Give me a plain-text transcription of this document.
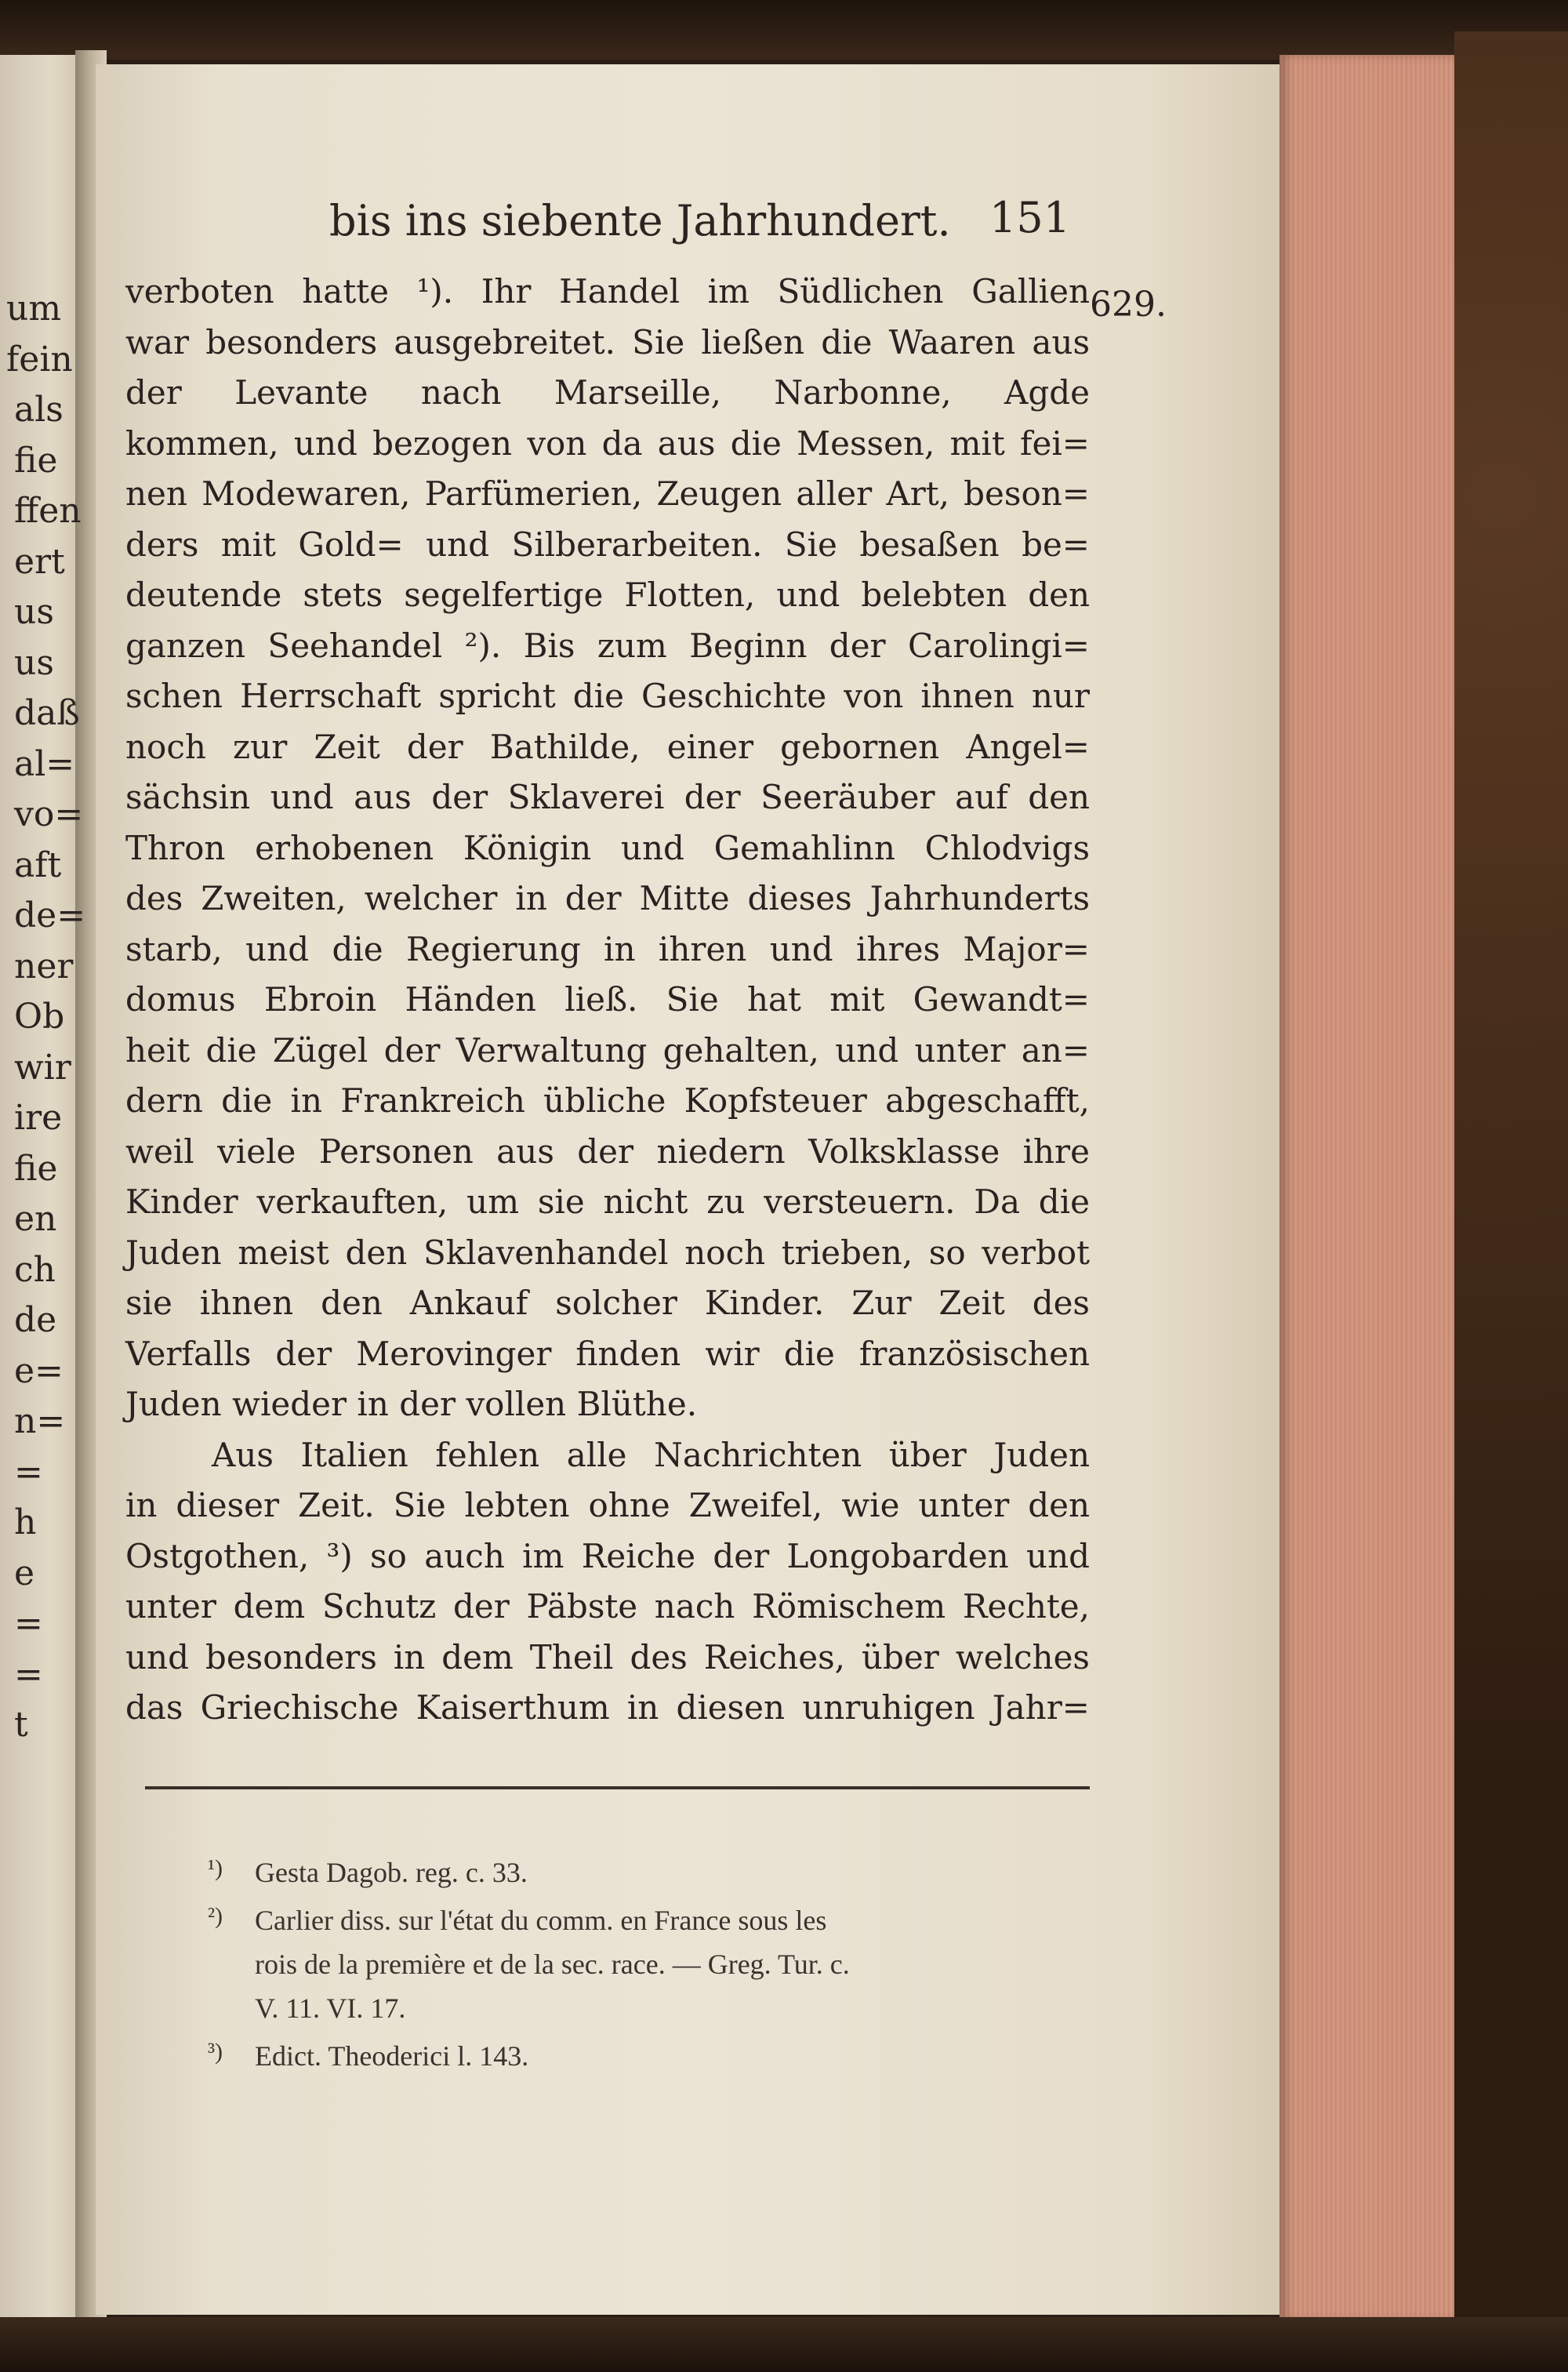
um
fein
als
fie
ffen
ert
us
us
daß
al=
vo=
aft
de=
ner
Ob
wir
ire
fie
en
ch
de
e=
n=
=
h
e
=
=
t
bis ins siebente Jahrhundert. 151
629.
verboten hatte ¹). Ihr Handel im Südlichen Gallien
war besonders ausgebreitet. Sie ließen die Waaren aus
der Levante nach Marseille, Narbonne, Agde
kommen, und bezogen von da aus die Messen, mit fei=
nen Modewaren, Parfümerien, Zeugen aller Art, beson=
ders mit Gold= und Silberarbeiten. Sie besaßen be=
deutende stets segelfertige Flotten, und belebten den
ganzen Seehandel ²). Bis zum Beginn der Carolingi=
schen Herrschaft spricht die Geschichte von ihnen nur
noch zur Zeit der Bathilde, einer gebornen Angel=
sächsin und aus der Sklaverei der Seeräuber auf den
Thron erhobenen Königin und Gemahlinn Chlodvigs
des Zweiten, welcher in der Mitte dieses Jahrhunderts
starb, und die Regierung in ihren und ihres Major=
domus Ebroin Händen ließ. Sie hat mit Gewandt=
heit die Zügel der Verwaltung gehalten, und unter an=
dern die in Frankreich übliche Kopfsteuer abgeschafft,
weil viele Personen aus der niedern Volksklasse ihre
Kinder verkauften, um sie nicht zu versteuern. Da die
Juden meist den Sklavenhandel noch trieben, so verbot
sie ihnen den Ankauf solcher Kinder. Zur Zeit des
Verfalls der Merovinger finden wir die französischen
Juden wieder in der vollen Blüthe.
Aus Italien fehlen alle Nachrichten über Juden
in dieser Zeit. Sie lebten ohne Zweifel, wie unter den
Ostgothen, ³) so auch im Reiche der Longobarden und
unter dem Schutz der Päbste nach Römischem Rechte,
und besonders in dem Theil des Reiches, über welches
das Griechische Kaiserthum in diesen unruhigen Jahr=
¹) Gesta Dagob. reg. c. 33.
²) Carlier diss. sur l'état du comm. en France sous les
rois de la première et de la sec. race. — Greg. Tur. c.
V. 11. VI. 17.
³) Edict. Theoderici l. 143.
